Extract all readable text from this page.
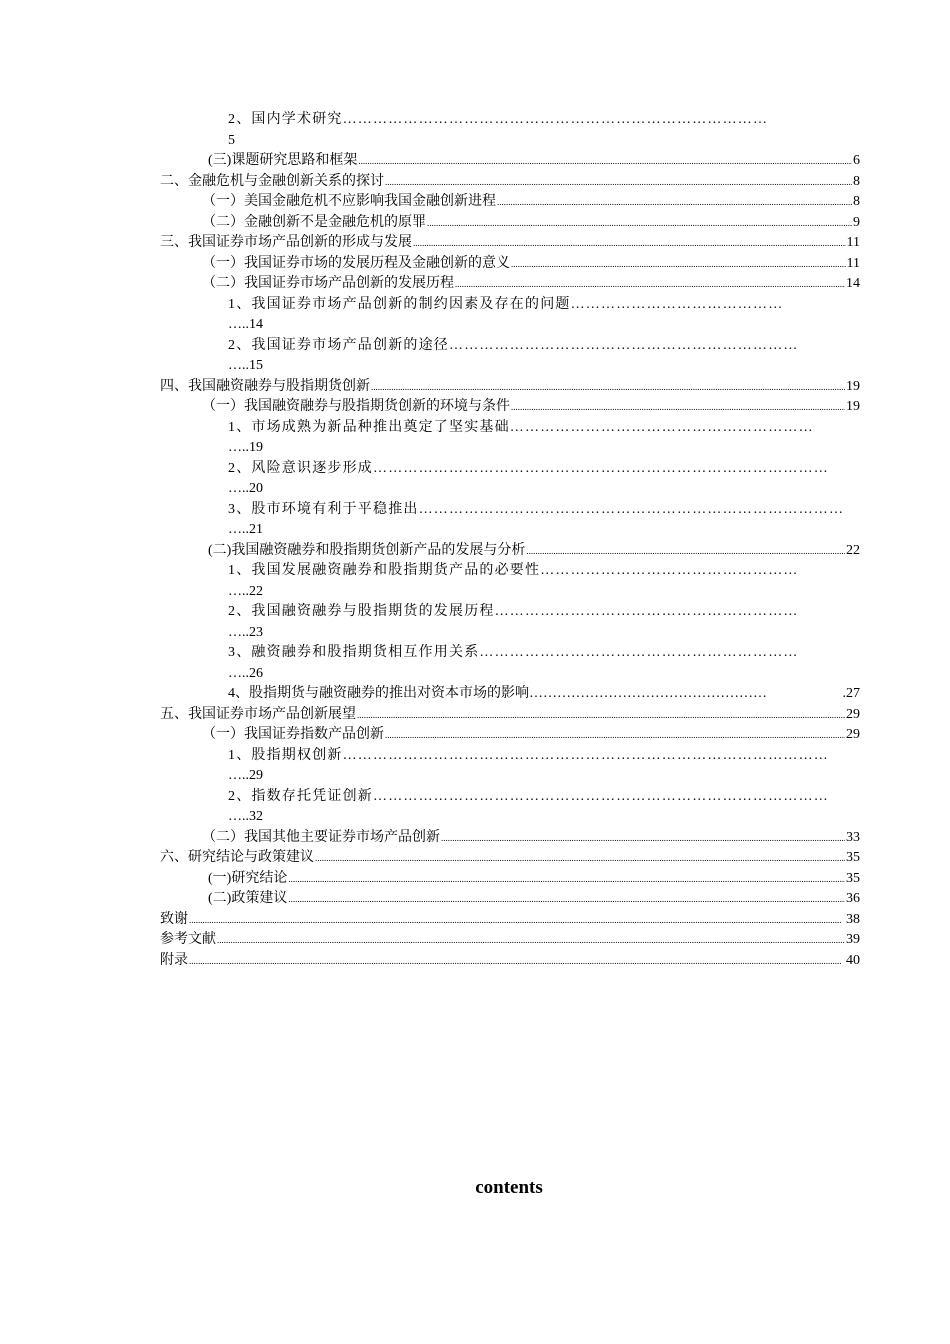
2、国内学术研究…………………………………………………………………………
5
(三)课题研究思路和框架 .....	6
二、金融危机与金融创新关系的探讨 .....	8
（一）美国金融危机不应影响我国金融创新进程 .....	8
（二）金融创新不是金融危机的原罪 .....	9
三、我国证券市场产品创新的形成与发展 .....	11
（一）我国证券市场的发展历程及金融创新的意义 .....	11
（二）我国证券市场产品创新的发展历程 .....	14
1、我国证券市场产品创新的制约因素及存在的问题……………………………………
…..14
2、我国证券市场产品创新的途径……………………………………………………………
…..15
四、我国融资融券与股指期货创新 .....	19
（一）我国融资融券与股指期货创新的环境与条件 .....	19
1、市场成熟为新品种推出奠定了坚实基础……………………………………………………
…..19
2、风险意识逐步形成………………………………………………………………………………
…..20
3、股市环境有利于平稳推出…………………………………………………………………………
…..21
(二)我国融资融券和股指期货创新产品的发展与分析 .....	22
1、我国发展融资融券和股指期货产品的必要性……………………………………………
…..22
2、我国融资融券与股指期货的发展历程……………………………………………………
…..23
3、融资融券和股指期货相互作用关系………………………………………………………
…..26
4、股指期货与融资融券的推出对资本市场的影响 ……………………………………………	.27
五、我国证券市场产品创新展望 .....	29
（一）我国证券指数产品创新 .....	29
1、股指期权创新……………………………………………………………………………………
…..29
2、指数存托凭证创新………………………………………………………………………………
…..32
（二）我国其他主要证券市场产品创新 .....	33
六、研究结论与政策建议 .....	35
(一)研究结论 .....	35
(二)政策建议 .....	36
致谢 .....	38
参考文献 .....	39
附录 .....	40
contents
